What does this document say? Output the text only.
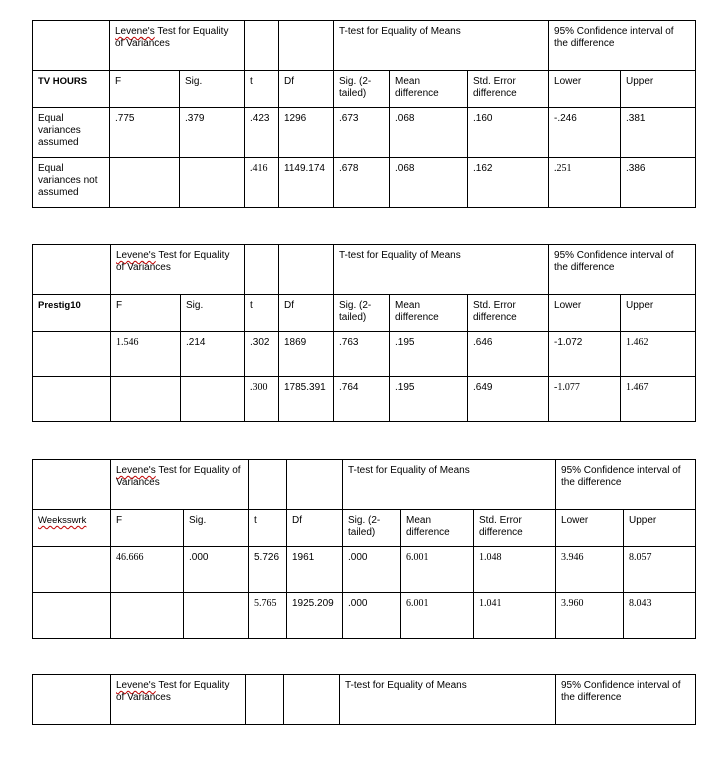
	Levene's Test for Equality of Variances				T-test for Equality of Means			95% Confidence interval of the difference	
TV HOURS	F	Sig.	t	Df	Sig. (2-tailed)	Mean difference	Std. Error difference	Lower	Upper
Equal variances assumed	.775	.379	.423	1296	.673	.068	.160	-.246	.381
Equal variances not assumed			.416	1149.174	.678	.068	.162	.251	.386
	Levene's Test for Equality of Variances				T-test for Equality of Means			95% Confidence interval of the difference	
Prestig10	F	Sig.	t	Df	Sig. (2-tailed)	Mean difference	Std. Error difference	Lower	Upper
	1.546	.214	.302	1869	.763	.195	.646	-1.072	1.462
			.300	1785.391	.764	.195	.649	-1.077	1.467
	Levene's Test for Equality of Variances				T-test for Equality of Means			95% Confidence interval of the difference	
Weeksswrk	F	Sig.	t	Df	Sig. (2-tailed)	Mean difference	Std. Error difference	Lower	Upper
	46.666	.000	5.726	1961	.000	6.001	1.048	3.946	8.057
			5.765	1925.209	.000	6.001	1.041	3.960	8.043
	Levene's Test for Equality of Variances			T-test for Equality of Means	95% Confidence interval of the difference
